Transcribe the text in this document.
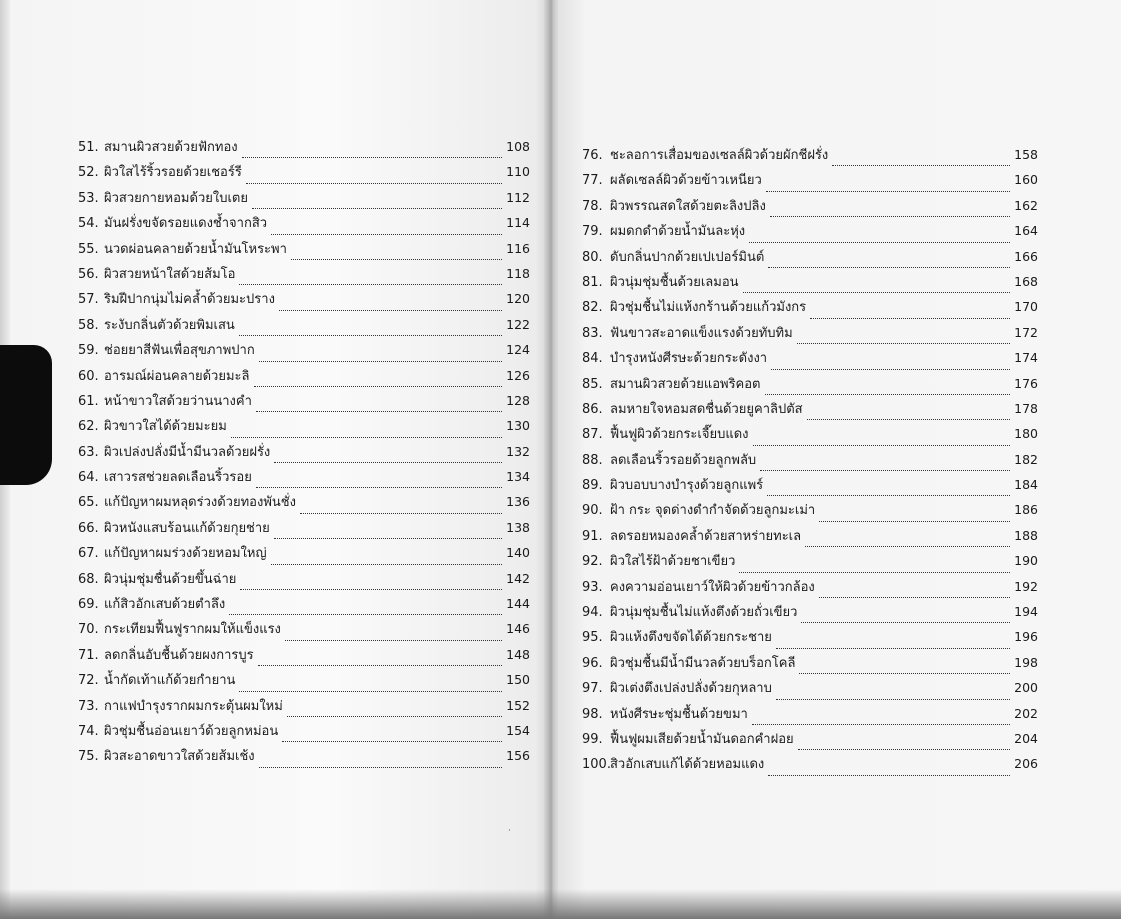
51. สมานผิวสวยด้วยฟักทอง	108
52. ผิวใสไร้ริ้วรอยด้วยเชอร์รี	110
53. ผิวสวยกายหอมด้วยใบเตย	112
54. มันฝรั่งขจัดรอยแดงช้ำจากสิว	114
55. นวดผ่อนคลายด้วยน้ำมันโหระพา	116
56. ผิวสวยหน้าใสด้วยส้มโอ	118
57. ริมฝีปากนุ่มไม่คล้ำด้วยมะปราง	120
58. ระงับกลิ่นตัวด้วยพิมเสน	122
59. ช่อยยาสีฟันเพื่อสุขภาพปาก	124
60. อารมณ์ผ่อนคลายด้วยมะลิ	126
61. หน้าขาวใสด้วยว่านนางคำ	128
62. ผิวขาวใสได้ด้วยมะยม	130
63. ผิวเปล่งปลั่งมีน้ำมีนวลด้วยฝรั่ง	132
64. เสาวรสช่วยลดเลือนริ้วรอย	134
65. แก้ปัญหาผมหลุดร่วงด้วยทองพันชั่ง	136
66. ผิวหนังแสบร้อนแก้ด้วยกุยช่าย	138
67. แก้ปัญหาผมร่วงด้วยหอมใหญ่	140
68. ผิวนุ่มชุ่มชื่นด้วยขึ้นฉ่าย	142
69. แก้สิวอักเสบด้วยตำลึง	144
70. กระเทียมฟื้นฟูรากผมให้แข็งแรง	146
71. ลดกลิ่นอับชื้นด้วยผงการบูร	148
72. น้ำกัดเท้าแก้ด้วยกำยาน	150
73. กาแฟบำรุงรากผมกระตุ้นผมใหม่	152
74. ผิวชุ่มชื้นอ่อนเยาว์ด้วยลูกหม่อน	154
75. ผิวสะอาดขาวใสด้วยส้มเช้ง	156
·
76. ชะลอการเสื่อมของเซลล์ผิวด้วยผักชีฝรั่ง	158
77. ผลัดเซลล์ผิวด้วยข้าวเหนียว	160
78. ผิวพรรณสดใสด้วยตะลิงปลิง	162
79. ผมดกดำด้วยน้ำมันละหุ่ง	164
80. ดับกลิ่นปากด้วยเปเปอร์มินต์	166
81. ผิวนุ่มชุ่มชื้นด้วยเลมอน	168
82. ผิวชุ่มชื้นไม่แห้งกร้านด้วยแก้วมังกร	170
83. ฟันขาวสะอาดแข็งแรงด้วยทับทิม	172
84. บำรุงหนังศีรษะด้วยกระดังงา	174
85. สมานผิวสวยด้วยแอพริคอต	176
86. ลมหายใจหอมสดชื่นด้วยยูคาลิปตัส	178
87. ฟื้นฟูผิวด้วยกระเจี๊ยบแดง	180
88. ลดเลือนริ้วรอยด้วยลูกพลับ	182
89. ผิวบอบบางบำรุงด้วยลูกแพร์	184
90. ฝ้า กระ จุดด่างดำกำจัดด้วยลูกมะเม่า	186
91. ลดรอยหมองคล้ำด้วยสาหร่ายทะเล	188
92. ผิวใสไร้ฝ้าด้วยชาเขียว	190
93. คงความอ่อนเยาว์ให้ผิวด้วยข้าวกล้อง	192
94. ผิวนุ่มชุ่มชื้นไม่แห้งตึงด้วยถั่วเขียว	194
95. ผิวแห้งตึงขจัดได้ด้วยกระชาย	196
96. ผิวชุ่มชื้นมีน้ำมีนวลด้วยบร็อกโคลี	198
97. ผิวเต่งตึงเปล่งปลั่งด้วยกุหลาบ	200
98. หนังศีรษะชุ่มชื้นด้วยขมา	202
99. ฟื้นฟูผมเสียด้วยน้ำมันดอกคำฝอย	204
100. สิวอักเสบแก้ได้ด้วยหอมแดง	206
